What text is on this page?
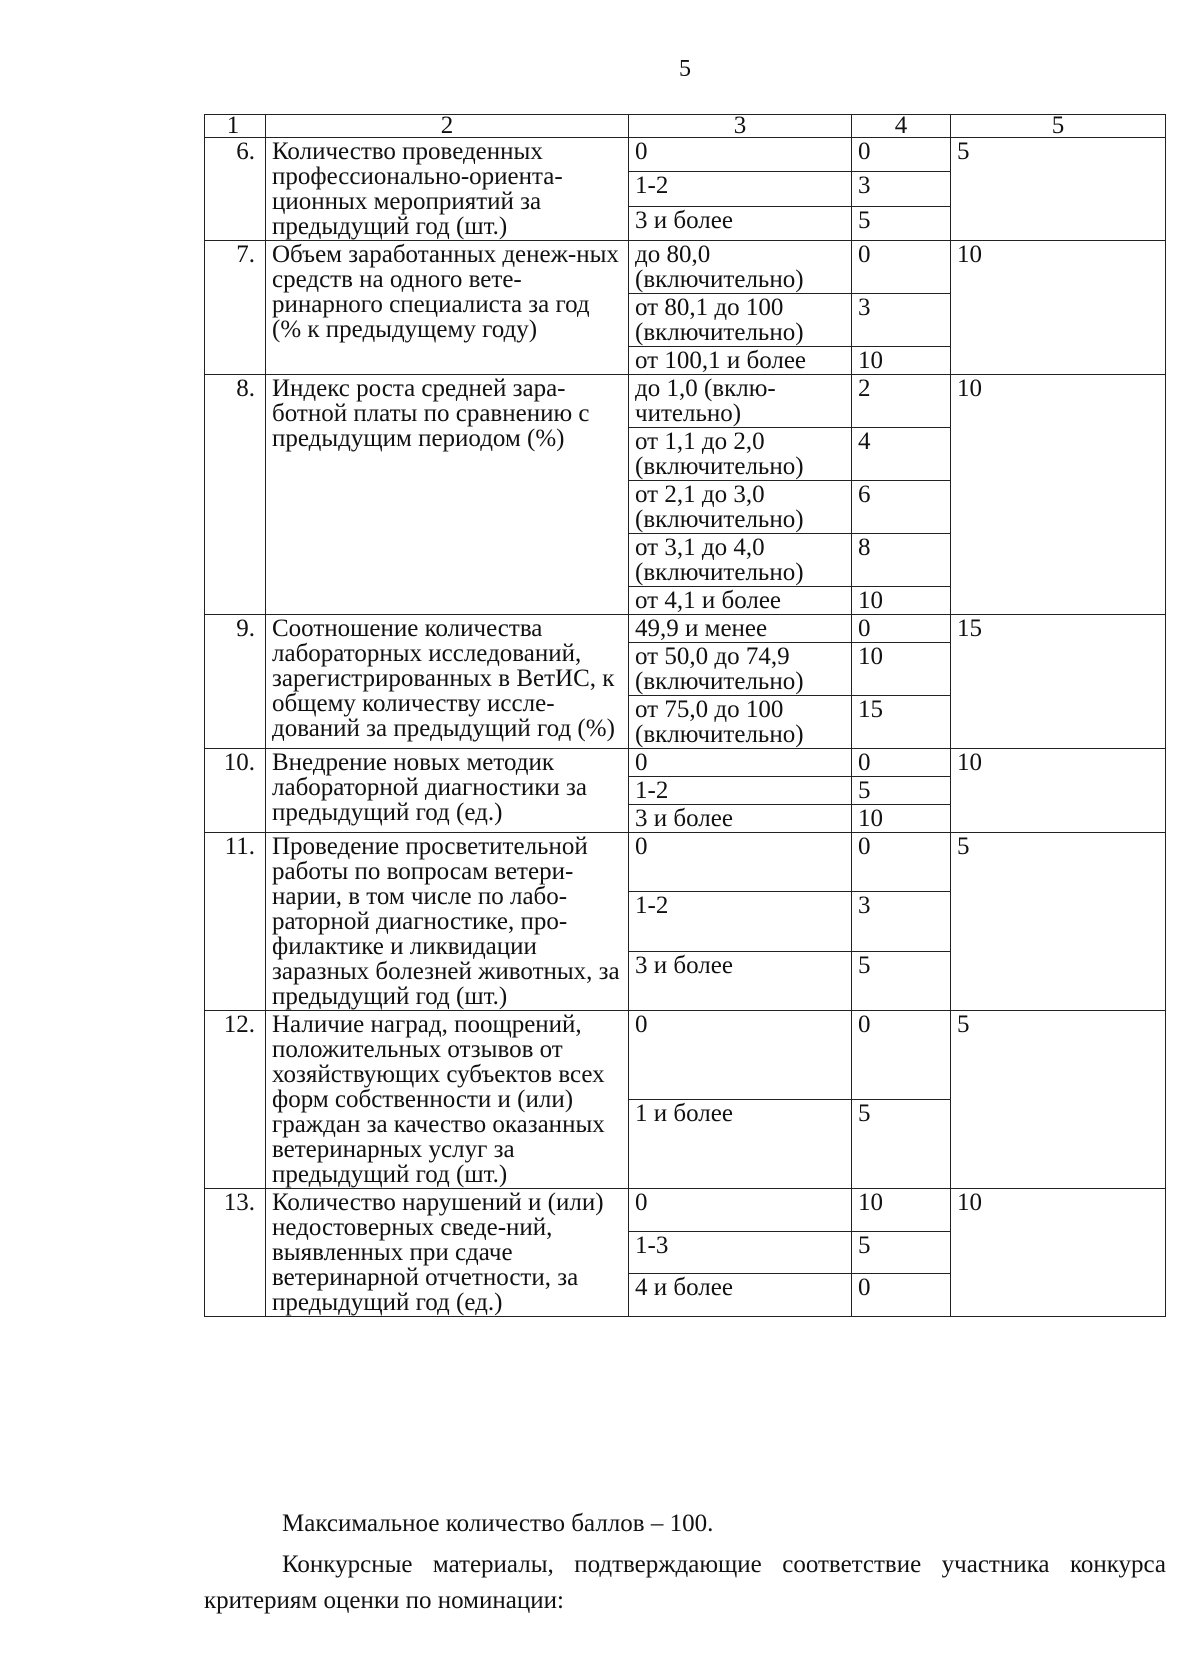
5
1	2	3	4	5
6.	Количество проведенных профессионально-ориента-ционных мероприятий за предыдущий год (шт.)	0	0	5
		1-2	3	
		3 и более	5	
7.	Объем заработанных денеж-ных средств на одного вете-ринарного специалиста за год (% к предыдущему году)	до 80,0 (включительно)	0	10
		от 80,1 до 100 (включительно)	3	
		от 100,1 и более	10	
8.	Индекс роста средней зара-ботной платы по сравнению с предыдущим периодом (%)	до 1,0 (вклю-чительно)	2	10
		от 1,1 до 2,0 (включительно)	4	
		от 2,1 до 3,0 (включительно)	6	
		от 3,1 до 4,0 (включительно)	8	
		от 4,1 и более	10	
9.	Соотношение количества лабораторных исследований, зарегистрированных в ВетИС, к общему количеству иссле-дований за предыдущий год (%)	49,9 и менее	0	15
		от 50,0 до 74,9 (включительно)	10	
		от 75,0 до 100 (включительно)	15	
10.	Внедрение новых методик лабораторной диагностики за предыдущий год (ед.)	0	0	10
		1-2	5	
		3 и более	10	
11.	Проведение просветительной работы по вопросам ветери-нарии, в том числе по лабо-раторной диагностике, про-филактике и ликвидации заразных болезней животных, за предыдущий год (шт.)	0	0	5
		1-2	3	
		3 и более	5	
12.	Наличие наград, поощрений, положительных отзывов от хозяйствующих субъектов всех форм собственности и (или) граждан за качество оказанных ветеринарных услуг за предыдущий год (шт.)	0	0	5
		1 и более	5	
13.	Количество нарушений и (или) недостоверных сведе-ний, выявленных при сдаче ветеринарной отчетности, за предыдущий год (ед.)	0	10	10
		1-3	5	
		4 и более	0	
Максимальное количество баллов – 100.
Конкурсные материалы, подтверждающие соответствие участника конкурса критериям оценки по номинации:
